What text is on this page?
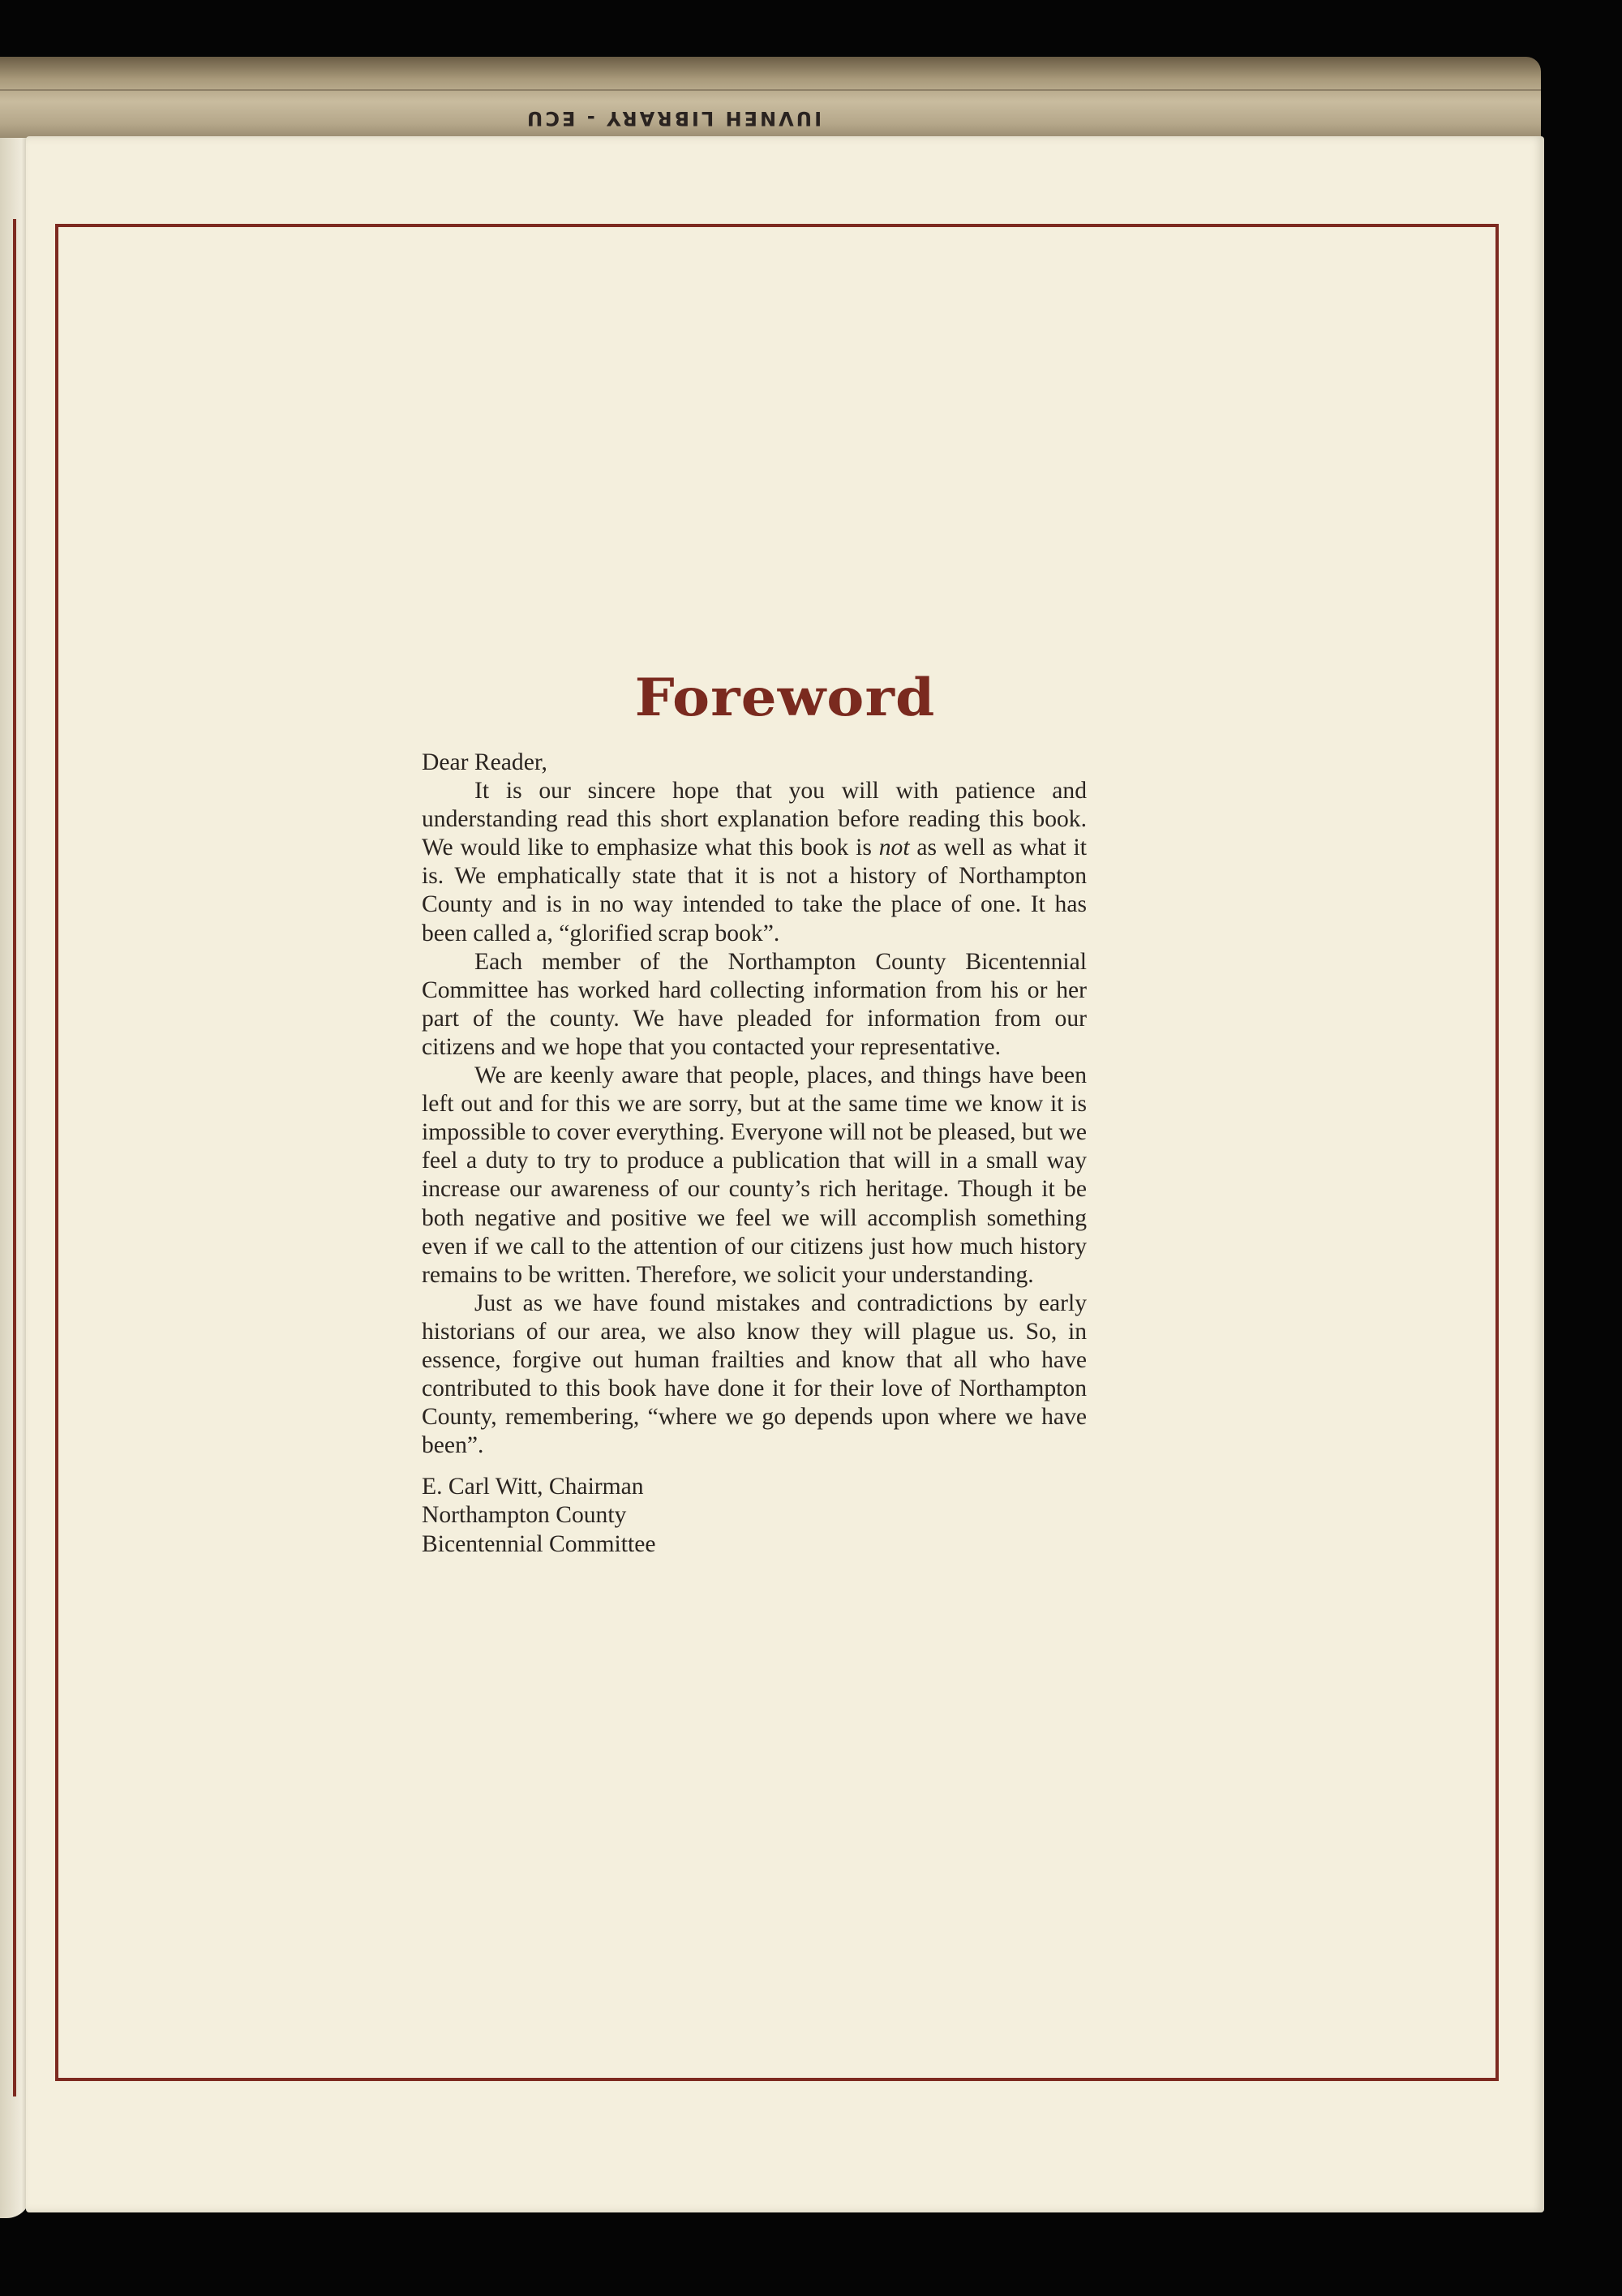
IUVNEH LIBRARY - ECU
Foreword

Dear Reader,

It is our sincere hope that you will with patience and understanding read this short explanation before reading this book. We would like to emphasize what this book is not as well as what it is. We emphatically state that it is not a history of Northampton County and is in no way intended to take the place of one. It has been called a, “glorified scrap book”.

Each member of the Northampton County Bicentennial Committee has worked hard collecting information from his or her part of the county. We have pleaded for information from our citizens and we hope that you contacted your representative.

We are keenly aware that people, places, and things have been left out and for this we are sorry, but at the same time we know it is impossible to cover everything. Everyone will not be pleased, but we feel a duty to try to produce a publication that will in a small way increase our awareness of our county’s rich heritage. Though it be both negative and positive we feel we will accomplish something even if we call to the attention of our citizens just how much history remains to be written. Therefore, we solicit your understanding.

Just as we have found mistakes and contradictions by early historians of our area, we also know they will plague us. So, in essence, forgive out human frailties and know that all who have contributed to this book have done it for their love of Northampton County, remembering, “where we go depends upon where we have been”.

E. Carl Witt, Chairman
Northampton County
Bicentennial Committee
